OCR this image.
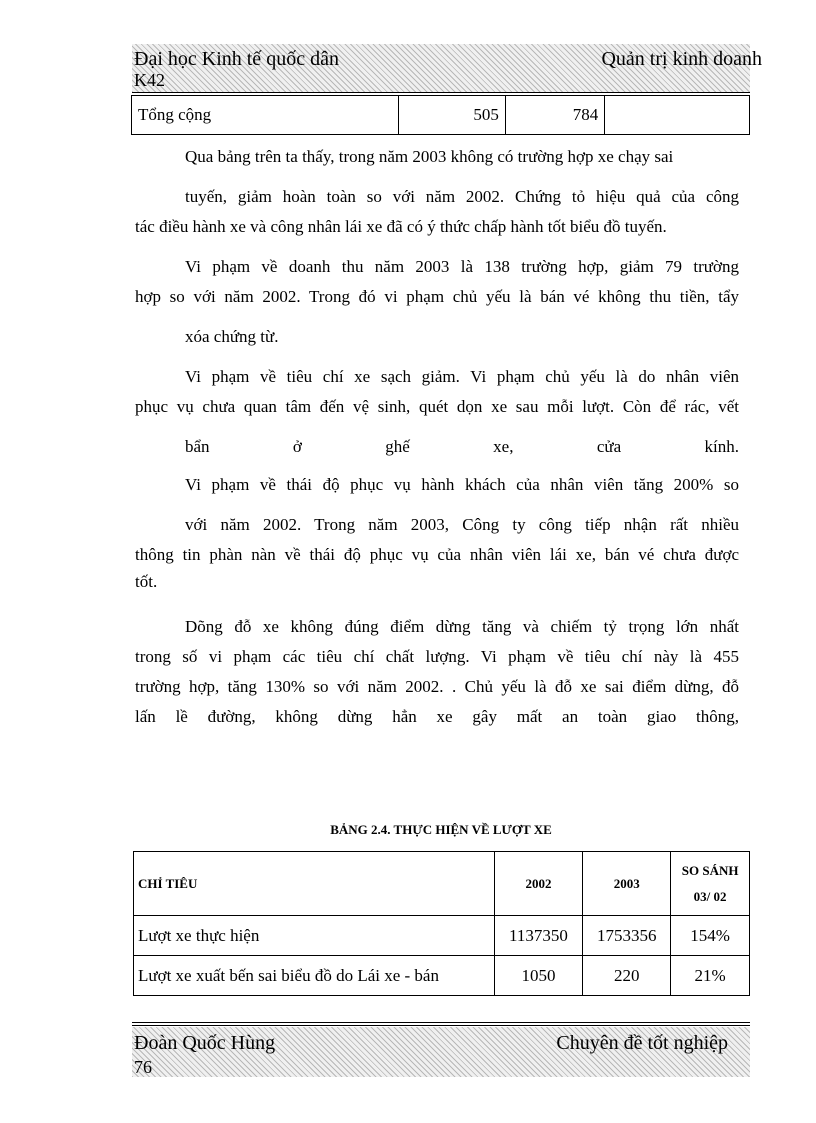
Đại học Kinh tế quốc dân	Quản trị kinh doanh
K42
Tổng cộng	505	784	

Qua bảng trên ta thấy, trong năm 2003 không có trường hợp xe chạy sai

tuyến, giảm hoàn toàn so với năm 2002. Chứng tỏ hiệu quả của công

tác điều hành xe và công nhân lái xe đã có ý thức chấp hành tốt biểu đồ tuyến.

Vi phạm về doanh thu năm 2003 là 138 trường hợp, giảm 79 trường

hợp so với năm 2002. Trong đó vi phạm chủ yếu là bán vé không thu tiền, tẩy

xóa chứng từ.

Vi phạm về tiêu chí xe sạch giảm. Vi phạm chủ yếu là do nhân viên

phục vụ chưa quan tâm đến vệ sinh, quét dọn xe sau mỗi lượt. Còn để rác, vết

bẩn ở ghế xe, cửa kính.

Vi phạm về thái độ phục vụ hành khách của nhân viên tăng 200% so

với năm 2002. Trong năm 2003, Công ty công tiếp nhận rất nhiều

thông tin phàn nàn về thái độ phục vụ của nhân viên lái xe, bán vé chưa được

tốt.

Dõng đỗ xe không đúng điểm dừng tăng và chiếm tỷ trọng lớn nhất

trong số vi phạm các tiêu chí chất lượng. Vi phạm về tiêu chí này là 455

trường hợp, tăng 130% so với năm 2002. . Chủ yếu là đỗ xe sai điểm dừng, đỗ

lấn lề đường, không dừng hẳn xe gây mất an toàn giao thông,

BẢNG 2.4. THỰC HIỆN VỀ LƯỢT XE
CHỈ TIÊU	2002	2003	SO SÁNH
03/ 02
Lượt xe thực hiện	1137350	1753356	154%
Lượt xe xuất bến sai biểu đồ do Lái xe - bán	1050	220	21%
Đoàn Quốc Hùng	Chuyên đề tốt nghiệp
76
